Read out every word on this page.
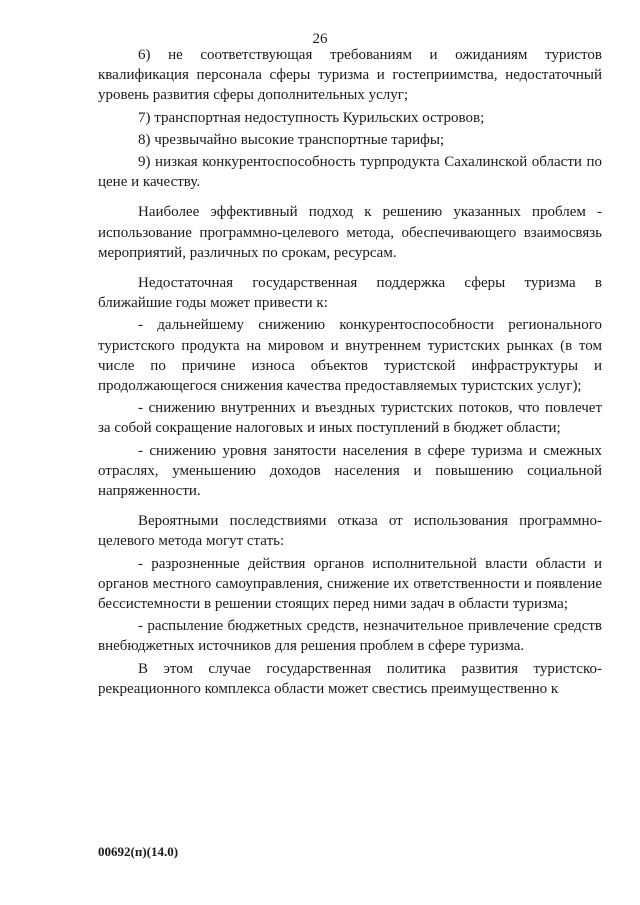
26

6) не соответствующая требованиям и ожиданиям туристов квалификация персонала сферы туризма и гостеприимства, недостаточный уровень развития сферы дополнительных услуг;

7) транспортная недоступность Курильских островов;

8) чрезвычайно высокие транспортные тарифы;

9) низкая конкурентоспособность турпродукта Сахалинской области по цене и качеству.

Наиболее эффективный подход к решению указанных проблем - использование программно-целевого метода, обеспечивающего взаимосвязь мероприятий, различных по срокам, ресурсам.

Недостаточная государственная поддержка сферы туризма в ближайшие годы может привести к:

- дальнейшему снижению конкурентоспособности регионального туристского продукта на мировом и внутреннем туристских рынках (в том числе по причине износа объектов туристской инфраструктуры и продолжающегося снижения качества предоставляемых туристских услуг);

- снижению внутренних и въездных туристских потоков, что повлечет за собой сокращение налоговых и иных поступлений в бюджет области;

- снижению уровня занятости населения в сфере туризма и смежных отраслях, уменьшению доходов населения и повышению социальной напряженности.

Вероятными последствиями отказа от использования программно-целевого метода могут стать:

- разрозненные действия органов исполнительной власти области и органов местного самоуправления, снижение их ответственности и появление бессистемности в решении стоящих перед ними задач в области туризма;

- распыление бюджетных средств, незначительное привлечение средств внебюджетных источников для решения проблем в сфере туризма.

В этом случае государственная политика развития туристско-рекреационного комплекса области может свестись преимущественно к

00692(п)(14.0)
